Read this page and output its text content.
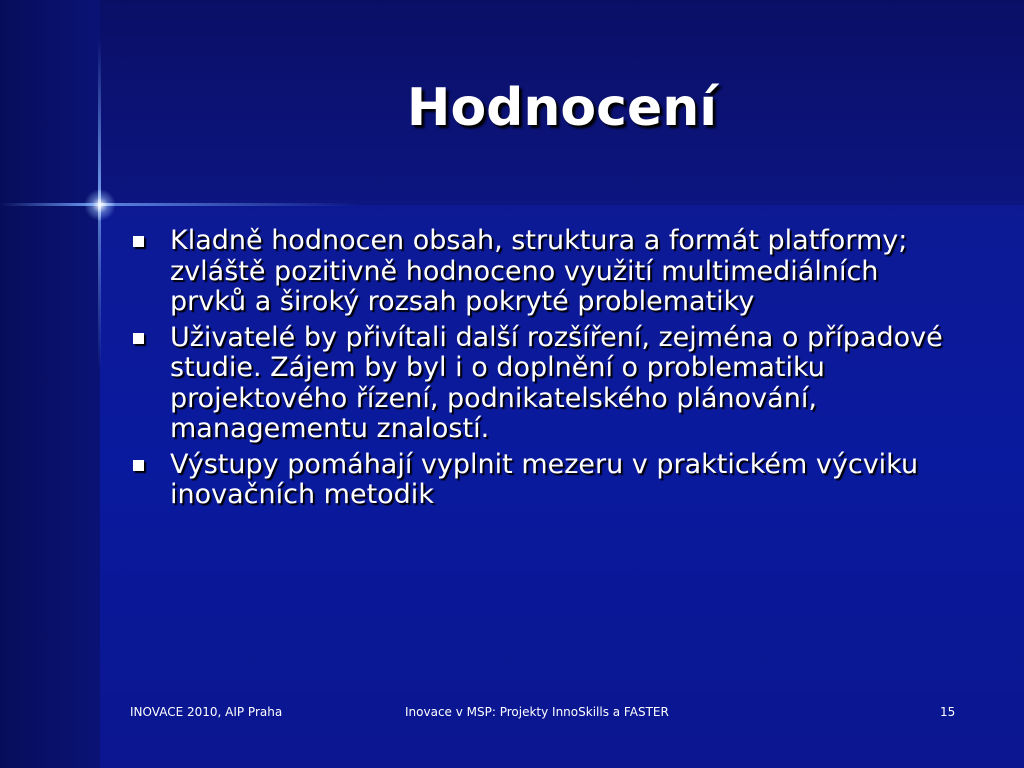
Hodnocení
Kladně hodnocen obsah, struktura a formát platformy; zvláště pozitivně hodnoceno využití multimediálních prvků a široký rozsah pokryté problematiky
Uživatelé by přivítali další rozšíření, zejména o případové studie. Zájem by byl i o doplnění o problematiku projektového řízení, podnikatelského plánování, managementu znalostí.
Výstupy pomáhají vyplnit mezeru v praktickém výcviku inovačních metodik
INOVACE 2010, AIP Praha	Inovace v MSP: Projekty InnoSkills a FASTER	15
